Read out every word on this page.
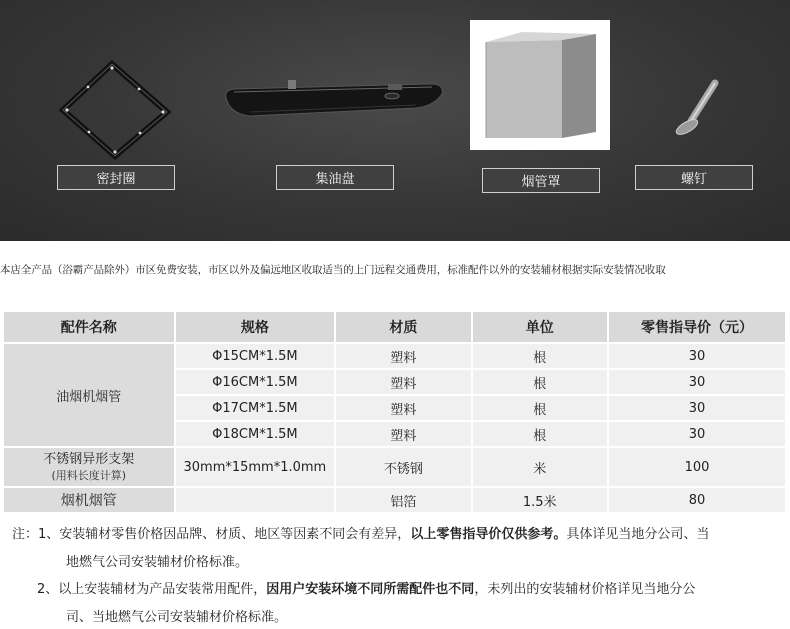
密封圈	集油盘	烟管罩	螺钉
本店全产品（浴霸产品除外）市区免费安装，市区以外及偏远地区收取适当的上门远程交通费用，标准配件以外的安装辅材根据实际安装情况收取
配件名称	规格	材质	单位	零售指导价（元）
油烟机烟管	Φ15CM*1.5M	塑料	根	30
	Φ16CM*1.5M	塑料	根	30
	Φ17CM*1.5M	塑料	根	30
	Φ18CM*1.5M	塑料	根	30
不锈钢异形支架
(用料长度计算)	30mm*15mm*1.0mm	不锈钢	米	100
烟机烟管		铝箔	1.5米	80
注：1、安装辅材零售价格因品牌、材质、地区等因素不同会有差异，以上零售指导价仅供参考。具体详见当地分公司、当
地燃气公司安装辅材价格标准。
2、以上安装辅材为产品安装常用配件，因用户安装环境不同所需配件也不同，未列出的安装辅材价格详见当地分公
司、当地燃气公司安装辅材价格标准。
